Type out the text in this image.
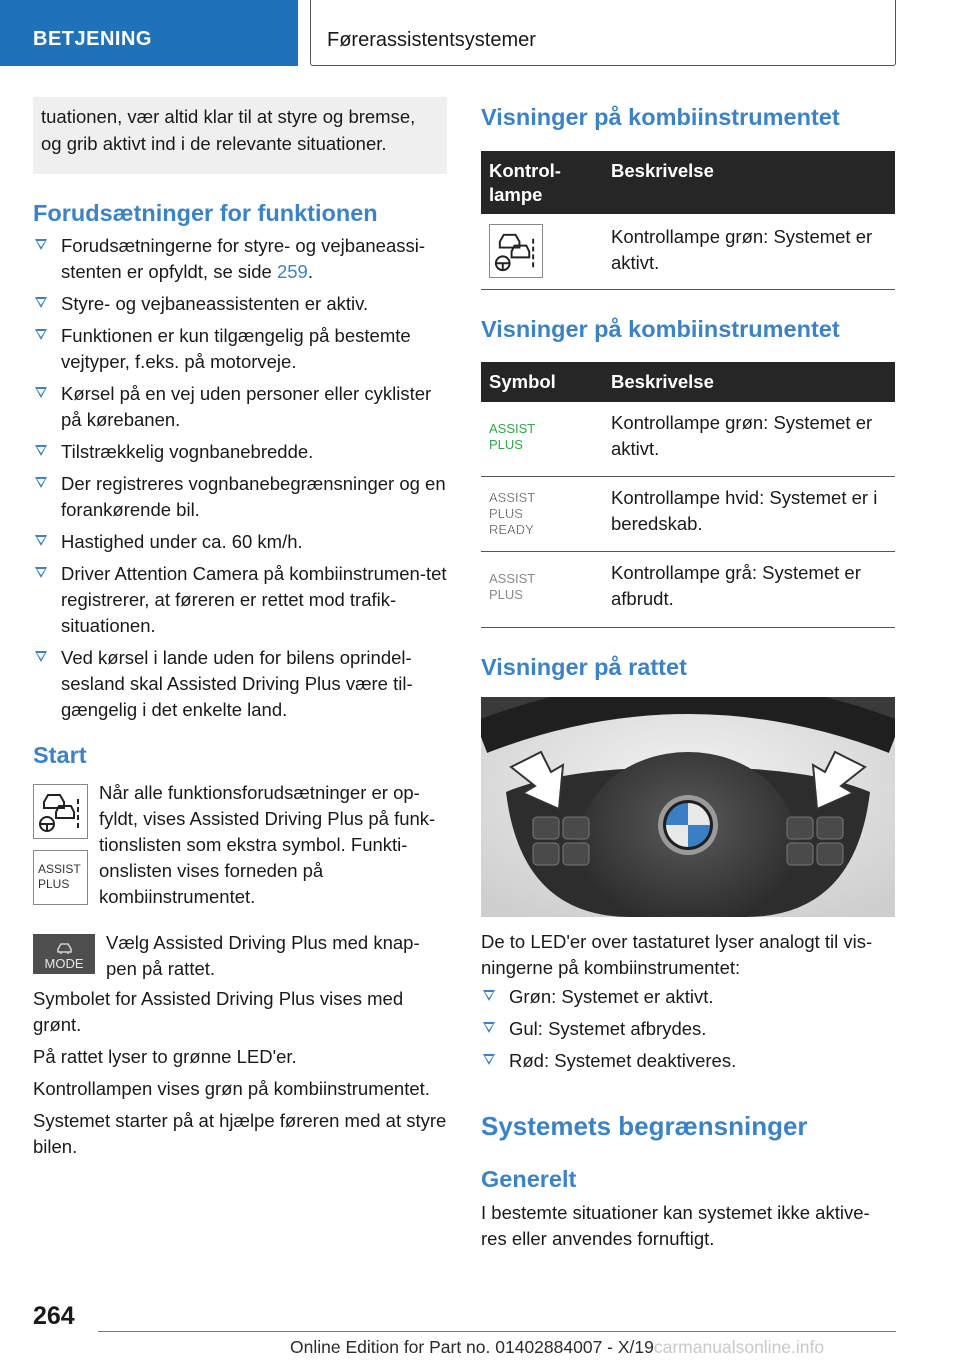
BETJENING	Førerassistentsystemer
tuationen, vær altid klar til at styre og bremse, og grib aktivt ind i de relevante situationer.
Forudsætninger for funktionen
Forudsætningerne for styre- og vejbaneassi-stenten er opfyldt, se side 259.
Styre- og vejbaneassistenten er aktiv.
Funktionen er kun tilgængelig på bestemte vejtyper, f.eks. på motorveje.
Kørsel på en vej uden personer eller cyklister på kørebanen.
Tilstrækkelig vognbanebredde.
Der registreres vognbanebegrænsninger og en forankørende bil.
Hastighed under ca. 60 km/h.
Driver Attention Camera på kombiinstrumen-tet registrerer, at føreren er rettet mod trafik-situationen.
Ved kørsel i lande uden for bilens oprindel-sesland skal Assisted Driving Plus være til-gængelig i det enkelte land.
Start
ASSIST
PLUS
Når alle funktionsforudsætninger er op-fyldt, vises Assisted Driving Plus på funk-tionslisten som ekstra symbol. Funkti-onslisten vises forneden på kombiinstrumentet.
MODE
Vælg Assisted Driving Plus med knap-pen på rattet.
Symbolet for Assisted Driving Plus vises med grønt.
På rattet lyser to grønne LED'er.
Kontrollampen vises grøn på kombiinstrumentet.
Systemet starter på at hjælpe føreren med at styre bilen.
Visninger på kombiinstrumentet
Kontrol-lampe
Beskrivelse
Kontrollampe grøn: Systemet er aktivt.
Visninger på kombiinstrumentet
Symbol	Beskrivelse
ASSIST
PLUS
Kontrollampe grøn: Systemet er aktivt.
ASSIST
PLUS
READY
Kontrollampe hvid: Systemet er i beredskab.
ASSIST
PLUS
Kontrollampe grå: Systemet er afbrudt.
Visninger på rattet
De to LED'er over tastaturet lyser analogt til vis-ningerne på kombiinstrumentet:
Grøn: Systemet er aktivt.
Gul: Systemet afbrydes.
Rød: Systemet deaktiveres.
Systemets begrænsninger
Generelt
I bestemte situationer kan systemet ikke aktive-res eller anvendes fornuftigt.
264
Online Edition for Part no. 01402884007 - X/19carmanualsonline.info
